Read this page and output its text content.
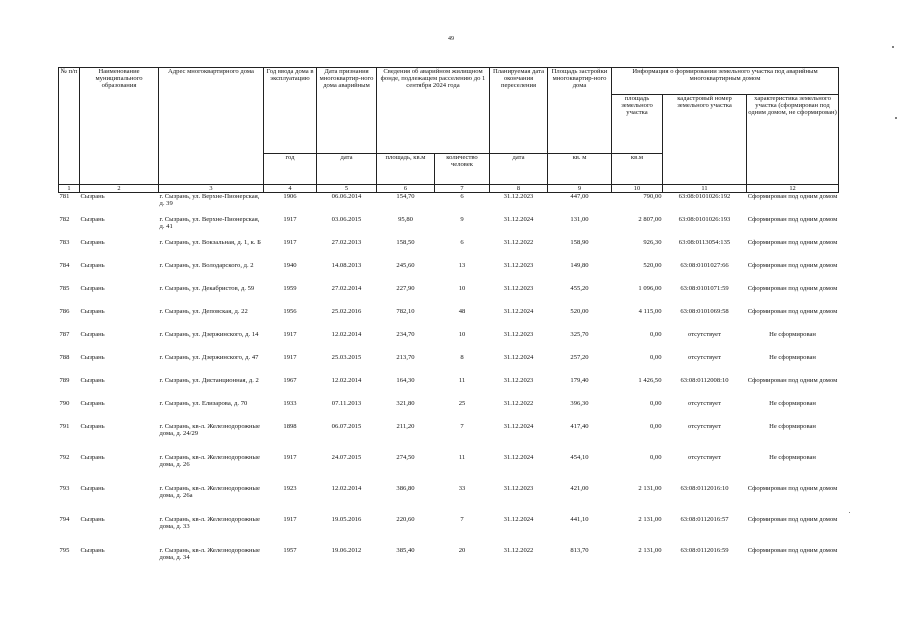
49
№ п/п	Наименование муниципального образования	Адрес многоквартирного дома	Год ввода дома в эксплуатацию	Дата признания многоквартир-ного дома аварийным	Сведения об аварийном жилищном фонде, подлежащем расселению до 1 сентября 2024 года		Планируемая дата окончания переселения	Площадь застройки многоквартир-ного дома	Информация о формировании земельного участка под аварийным многоквартирным домом		
									площадь земельного участка	кадастровый номер земельного участка	характеристика земельного участка (сформирован под одним домом, не сформирован)
			год	дата	площадь, кв.м	количество человек	дата	кв. м	кв.м		
1	2	3	4	5	6	7	8	9	10	11	12
781	Сызрань	г. Сызрань, ул. Верхне-Пионерская, д. 39	1906	06.06.2014	154,70	6	31.12.2023	447,00	790,00	63:08:0101026:192	Сформирован под одним домом
782	Сызрань	г. Сызрань, ул. Верхне-Пионерская, д. 41	1917	03.06.2015	95,80	9	31.12.2024	131,00	2 807,00	63:08:0101026:193	Сформирован под одним домом
783	Сызрань	г. Сызрань, ул. Вокзальная, д. 1, к. Б	1917	27.02.2013	158,50	6	31.12.2022	158,90	926,30	63:08:0113054:135	Сформирован под одним домом
784	Сызрань	г. Сызрань, ул. Володарского, д. 2	1940	14.08.2013	245,60	13	31.12.2023	149,80	520,00	63:08:0101027:66	Сформирован под одним домом
785	Сызрань	г. Сызрань, ул. Декабристов, д. 59	1959	27.02.2014	227,90	10	31.12.2023	455,20	1 096,00	63:08:0101071:59	Сформирован под одним домом
786	Сызрань	г. Сызрань, ул. Деповская, д. 22	1956	25.02.2016	782,10	48	31.12.2024	520,00	4 115,00	63:08:0101069:58	Сформирован под одним домом
787	Сызрань	г. Сызрань, ул. Дзержинского, д. 14	1917	12.02.2014	234,70	10	31.12.2023	325,70	0,00	отсутствует	Не сформирован
788	Сызрань	г. Сызрань, ул. Дзержинского, д. 47	1917	25.03.2015	213,70	8	31.12.2024	257,20	0,00	отсутствует	Не сформирован
789	Сызрань	г. Сызрань, ул. Дистанционная, д. 2	1967	12.02.2014	164,30	11	31.12.2023	179,40	1 426,50	63:08:0112008:10	Сформирован под одним домом
790	Сызрань	г. Сызрань, ул. Елизарова, д. 70	1933	07.11.2013	321,80	25	31.12.2022	396,30	0,00	отсутствует	Не сформирован
791	Сызрань	г. Сызрань, кв-л. Железнодорожные дома, д. 24/29	1898	06.07.2015	211,20	7	31.12.2024	417,40	0,00	отсутствует	Не сформирован
792	Сызрань	г. Сызрань, кв-л. Железнодорожные дома, д. 26	1917	24.07.2015	274,50	11	31.12.2024	454,10	0,00	отсутствует	Не сформирован
793	Сызрань	г. Сызрань, кв-л. Железнодорожные дома, д. 26а	1923	12.02.2014	386,80	33	31.12.2023	421,00	2 131,00	63:08:0112016:10	Сформирован под одним домом
794	Сызрань	г. Сызрань, кв-л. Железнодорожные дома, д. 33	1917	19.05.2016	220,60	7	31.12.2024	441,10	2 131,00	63:08:0112016:57	Сформирован под одним домом
795	Сызрань	г. Сызрань, кв-л. Железнодорожные дома, д. 34	1957	19.06.2012	385,40	20	31.12.2022	813,70	2 131,00	63:08:0112016:59	Сформирован под одним домом
